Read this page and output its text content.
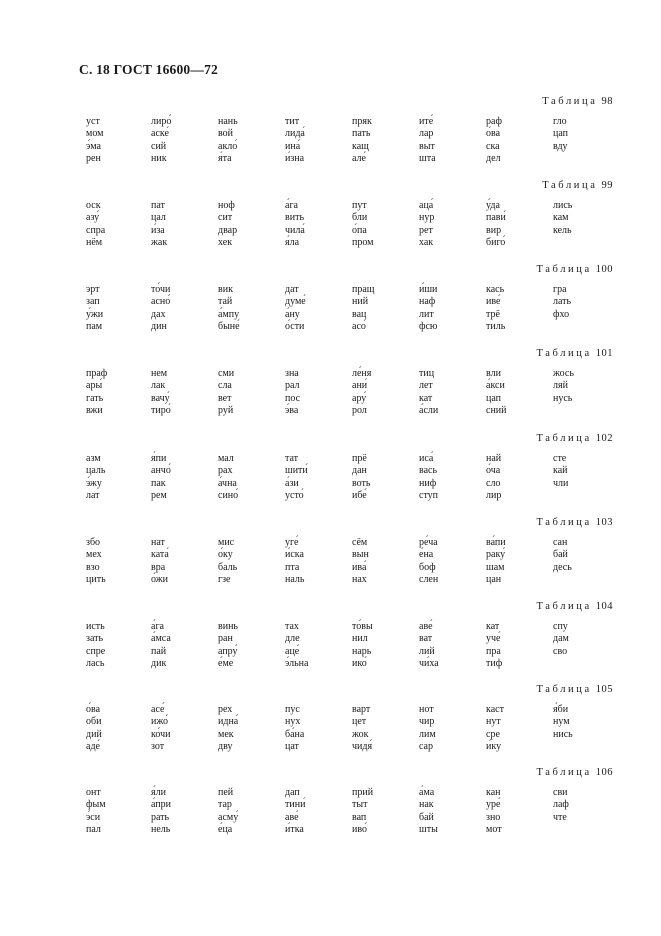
С. 18 ГОСТ 16600—72
Таблица 98
уст
мом
э́ма
рен
лиро́
аске́
сий
ник
нань
вой
акло́
я́та
тит
лида́
ина́
и́зна
пряк
пать
кащ
але́
ите́
лар
выт
шта
раф
о́ва
ска
дел
гло
цап
вду
Таблица 99
оск
азу́
спра
нём
пат
цал
и́за
жак
ноф
сит
двар
хек
а́га
вить
чила́
я́ла
пут
бли
о́па
пром
аца́
нур
рет
хак
у́да
пави́
вир
биго́
лись
кам
кель
Таблица 100
эрт
зап
у́жи
пам
то́чи
асно́
дах
дин
вик
тай
а́мпу
быне́
дат
думе́
а́ну
о́сти
пращ
ний
вац
асо́
и́ши
наф
лит
фсю
кась
иве́
трё
тиль
гра
лать
фхо
Таблица 101
праф
ары́
гать
вжи
нем
лак
вачу́
тиро́
сми
сла
вет
руй
зна
рал
пос
э́ва
ле́ня
ани́
ару́
рол
тиц
лет
кат
а́сли
вли
а́кси
цап
сний
жось
ляй
нусь
Таблица 102
азм
цаль
э́жу
лат
я́пи
анчо́
пак
рем
мал
рах
а́чна
сино́
тат
шити́
а́зи
усто́
прё
дан
воть
ибе́
иса́
вась
ниф
ступ
най
о́ча
сло
лир
сте
кай
чли
Таблица 103
збо
мех
взо
цить
нат
ката́
вра
о́жи
мис
о́ку
баль
гзе
уге́
и́ска
пта
наль
сём
вын
ива́
нах
ре́ча
е́на
боф
слен
ва́пи
раку́
шам
цан
сан
бай
десь
Таблица 104
исть
зать
спре
лась
а́га
а́мса
пай
дик
винь
ран
апру́
е́ме
тах
дле
аце́
э́льна
то́вы
нил
нарь
ико́
аве́
ват
лий
чи́ха
кат
уче́
пра
тиф
спу
дам
сво
Таблица 105
о́ва
оби
дий
аде́
асе́
ижо́
ко́чи
зот
рех
идна́
мек
дву
пус
нух
ба́на
цат
варт
цет
жок
чидя́
нот
чир
лим
сар
каст
нут
сре
и́ку
я́би
нум
нись
Таблица 106
онт
фым
э́си
пал
я́ли
а́при
рать
нель
пей
тар
асму́
е́ца
дап
тини́
аве́
и́тка
прий
тыт
вап
иво́
а́ма
нак
бай
шты
кан
уре́
зно
мот
сви
лаф
чте
